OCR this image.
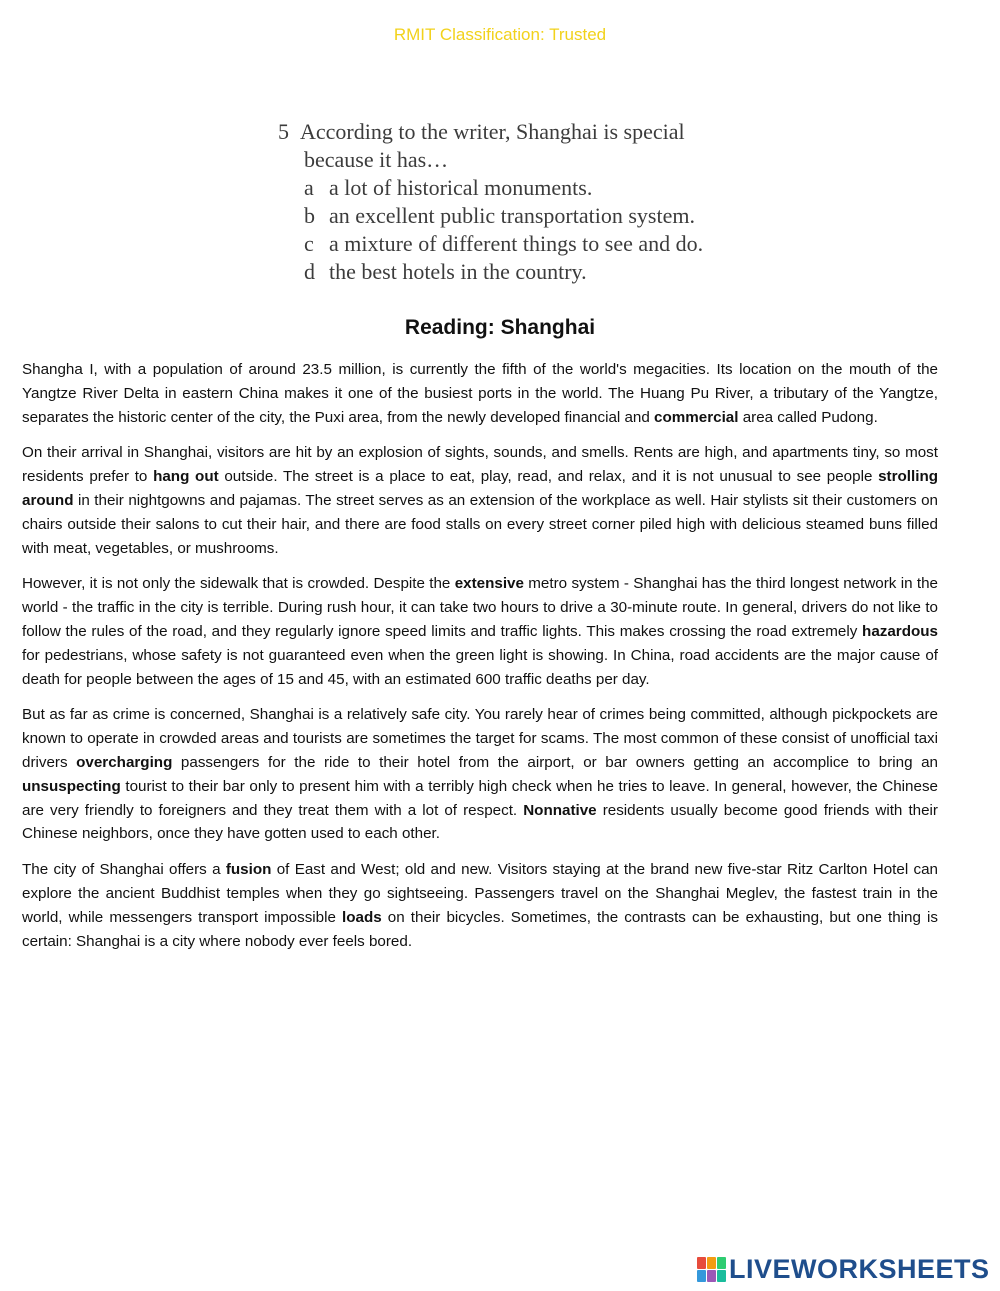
RMIT Classification: Trusted
5 According to the writer, Shanghai is special
because it has…
a a lot of historical monuments.
b an excellent public transportation system.
c a mixture of different things to see and do.
d the best hotels in the country.
Reading: Shanghai

Shangha I, with a population of around 23.5 million, is currently the fifth of the world's megacities. Its location on the mouth of the Yangtze River Delta in eastern China makes it one of the busiest ports in the world. The Huang Pu River, a tributary of the Yangtze, separates the historic center of the city, the Puxi area, from the newly developed financial and commercial area called Pudong.

On their arrival in Shanghai, visitors are hit by an explosion of sights, sounds, and smells. Rents are high, and apartments tiny, so most residents prefer to hang out outside. The street is a place to eat, play, read, and relax, and it is not unusual to see people strolling around in their nightgowns and pajamas. The street serves as an extension of the workplace as well. Hair stylists sit their customers on chairs outside their salons to cut their hair, and there are food stalls on every street corner piled high with delicious steamed buns filled with meat, vegetables, or mushrooms.

However, it is not only the sidewalk that is crowded. Despite the extensive metro system - Shanghai has the third longest network in the world - the traffic in the city is terrible. During rush hour, it can take two hours to drive a 30-minute route. In general, drivers do not like to follow the rules of the road, and they regularly ignore speed limits and traffic lights. This makes crossing the road extremely hazardous for pedestrians, whose safety is not guaranteed even when the green light is showing. In China, road accidents are the major cause of death for people between the ages of 15 and 45, with an estimated 600 traffic deaths per day.

But as far as crime is concerned, Shanghai is a relatively safe city. You rarely hear of crimes being committed, although pickpockets are known to operate in crowded areas and tourists are sometimes the target for scams. The most common of these consist of unofficial taxi drivers overcharging passengers for the ride to their hotel from the airport, or bar owners getting an accomplice to bring an unsuspecting tourist to their bar only to present him with a terribly high check when he tries to leave. In general, however, the Chinese are very friendly to foreigners and they treat them with a lot of respect. Nonnative residents usually become good friends with their Chinese neighbors, once they have gotten used to each other.

The city of Shanghai offers a fusion of East and West; old and new. Visitors staying at the brand new five-star Ritz Carlton Hotel can explore the ancient Buddhist temples when they go sightseeing. Passengers travel on the Shanghai Meglev, the fastest train in the world, while messengers transport impossible loads on their bicycles. Sometimes, the contrasts can be exhausting, but one thing is certain: Shanghai is a city where nobody ever feels bored.

LIVEWORKSHEETS
